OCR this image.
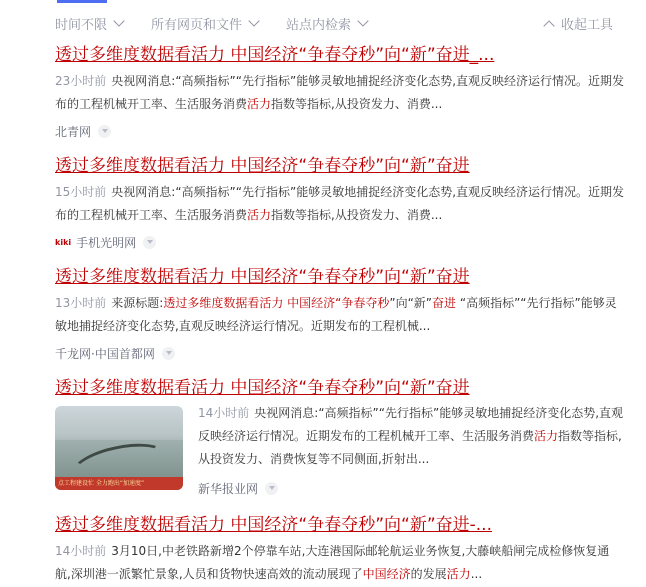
时间不限	所有网页和文件	站点内检索	收起工具
透过多维度数据看活力 中国经济“争春夺秒”向“新”奋进_...
23小时前 央视网消息:“高频指标”“先行指标”能够灵敏地捕捉经济变化态势,直观反映经济运行情况。近期发布的工程机械开工率、生活服务消费活力指数等指标,从投资发力、消费...
北青网
透过多维度数据看活力 中国经济“争春夺秒”向“新”奋进
15小时前 央视网消息:“高频指标”“先行指标”能够灵敏地捕捉经济变化态势,直观反映经济运行情况。近期发布的工程机械开工率、生活服务消费活力指数等指标,从投资发力、消费...
kiki 手机光明网
透过多维度数据看活力 中国经济“争春夺秒”向“新”奋进
13小时前 来源标题:透过多维度数据看活力 中国经济“争春夺秒”向“新”奋进 “高频指标”“先行指标”能够灵敏地捕捉经济变化态势,直观反映经济运行情况。近期发布的工程机械...
千龙网·中国首都网
透过多维度数据看活力 中国经济“争春夺秒”向“新”奋进
点工程建设忙 全力跑出“加速度”
14小时前 央视网消息:“高频指标”“先行指标”能够灵敏地捕捉经济变化态势,直观反映经济运行情况。近期发布的工程机械开工率、生活服务消费活力指数等指标,从投资发力、消费恢复等不同侧面,折射出...
新华报业网
透过多维度数据看活力 中国经济“争春夺秒”向“新”奋进-...
14小时前 3月10日,中老铁路新增2个停靠车站,大连港国际邮轮航运业务恢复,大藤峡船闸完成检修恢复通航,深圳港一派繁忙景象,人员和货物快速高效的流动展现了中国经济的发展活力...
